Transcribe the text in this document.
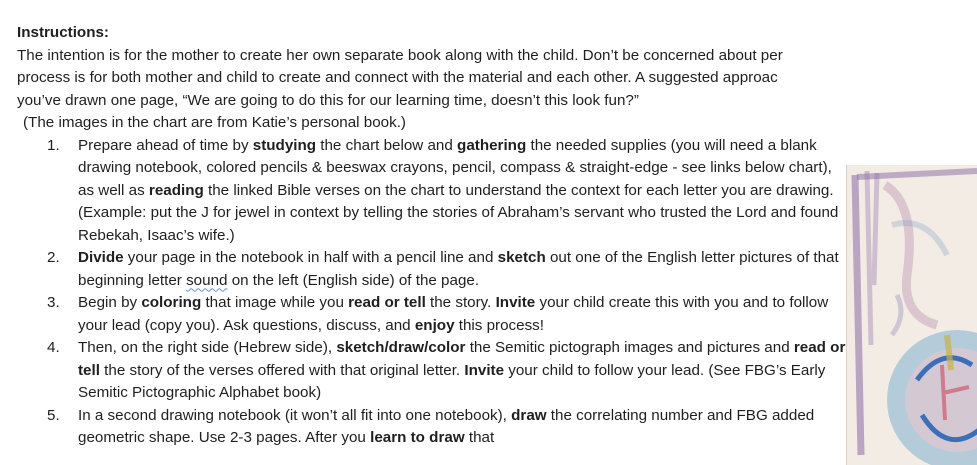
Instructions:
The intention is for the mother to create her own separate book along with the child. Don’t be concerned about per
process is for both mother and child to create and connect with the material and each other. A suggested approac
you’ve drawn one page, “We are going to do this for our learning time, doesn’t this look fun?”
(The images in the chart are from Katie’s personal book.)
1. Prepare ahead of time by studying the chart below and gathering the needed supplies (you will need a blank drawing notebook, colored pencils & beeswax crayons, pencil, compass & straight-edge - see links below chart), as well as reading the linked Bible verses on the chart to understand the context for each letter you are drawing. (Example: put the J for jewel in context by telling the stories of Abraham’s servant who trusted the Lord and found Rebekah, Isaac’s wife.)
2. Divide your page in the notebook in half with a pencil line and sketch out one of the English letter pictures of that beginning letter sound on the left (English side) of the page.
3. Begin by coloring that image while you read or tell the story. Invite your child create this with you and to follow your lead (copy you). Ask questions, discuss, and enjoy this process!
4. Then, on the right side (Hebrew side), sketch/draw/color the Semitic pictograph images and pictures and read or tell the story of the verses offered with that original letter. Invite your child to follow your lead. (See FBG’s Early Semitic Pictographic Alphabet book)
5. In a second drawing notebook (it won’t all fit into one notebook), draw the correlating number and FBG added geometric shape. Use 2-3 pages. After you learn to draw that
